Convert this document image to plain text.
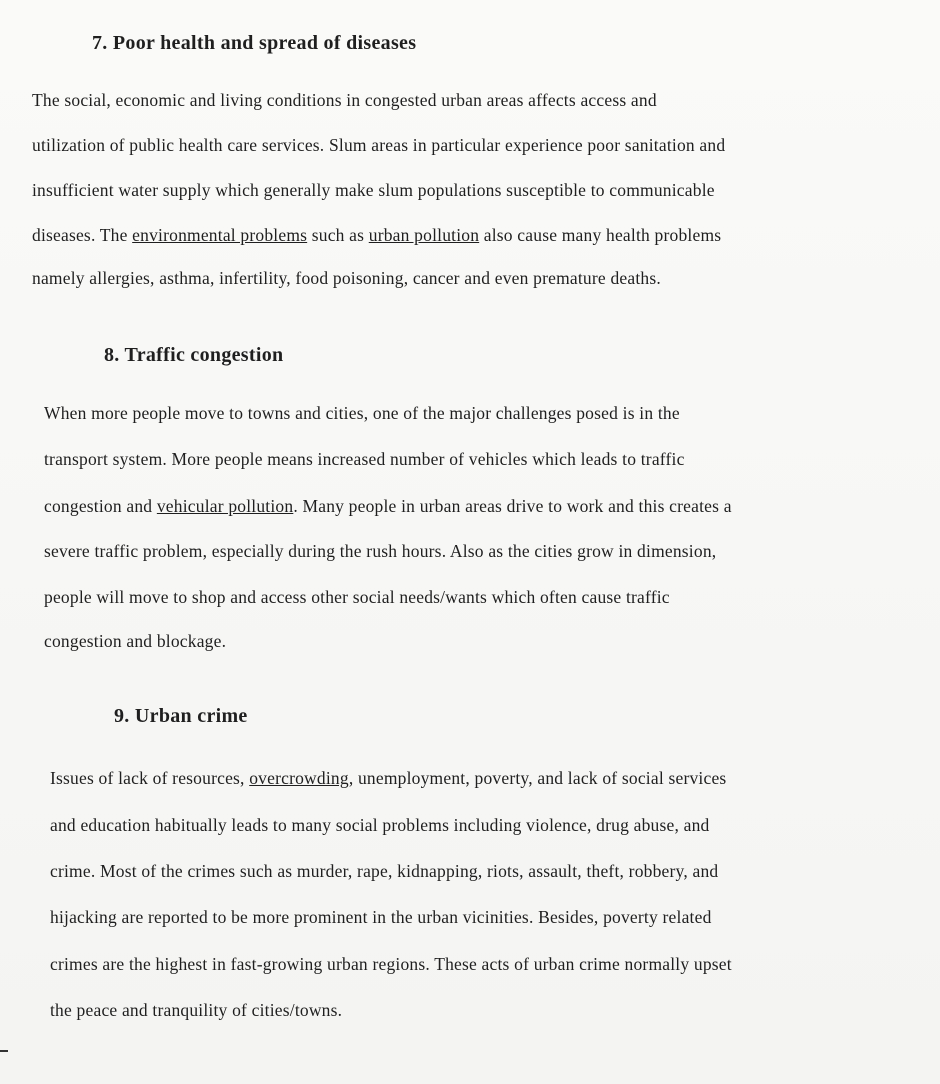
7. Poor health and spread of diseases
The social, economic and living conditions in congested urban areas affects access and
utilization of public health care services. Slum areas in particular experience poor sanitation and
insufficient water supply which generally make slum populations susceptible to communicable
diseases. The environmental problems such as urban pollution also cause many health problems
namely allergies, asthma, infertility, food poisoning, cancer and even premature deaths.
8. Traffic congestion
When more people move to towns and cities, one of the major challenges posed is in the
transport system. More people means increased number of vehicles which leads to traffic
congestion and vehicular pollution. Many people in urban areas drive to work and this creates a
severe traffic problem, especially during the rush hours. Also as the cities grow in dimension,
people will move to shop and access other social needs/wants which often cause traffic
congestion and blockage.
9. Urban crime
Issues of lack of resources, overcrowding, unemployment, poverty, and lack of social services
and education habitually leads to many social problems including violence, drug abuse, and
crime. Most of the crimes such as murder, rape, kidnapping, riots, assault, theft, robbery, and
hijacking are reported to be more prominent in the urban vicinities. Besides, poverty related
crimes are the highest in fast-growing urban regions. These acts of urban crime normally upset
the peace and tranquility of cities/towns.
